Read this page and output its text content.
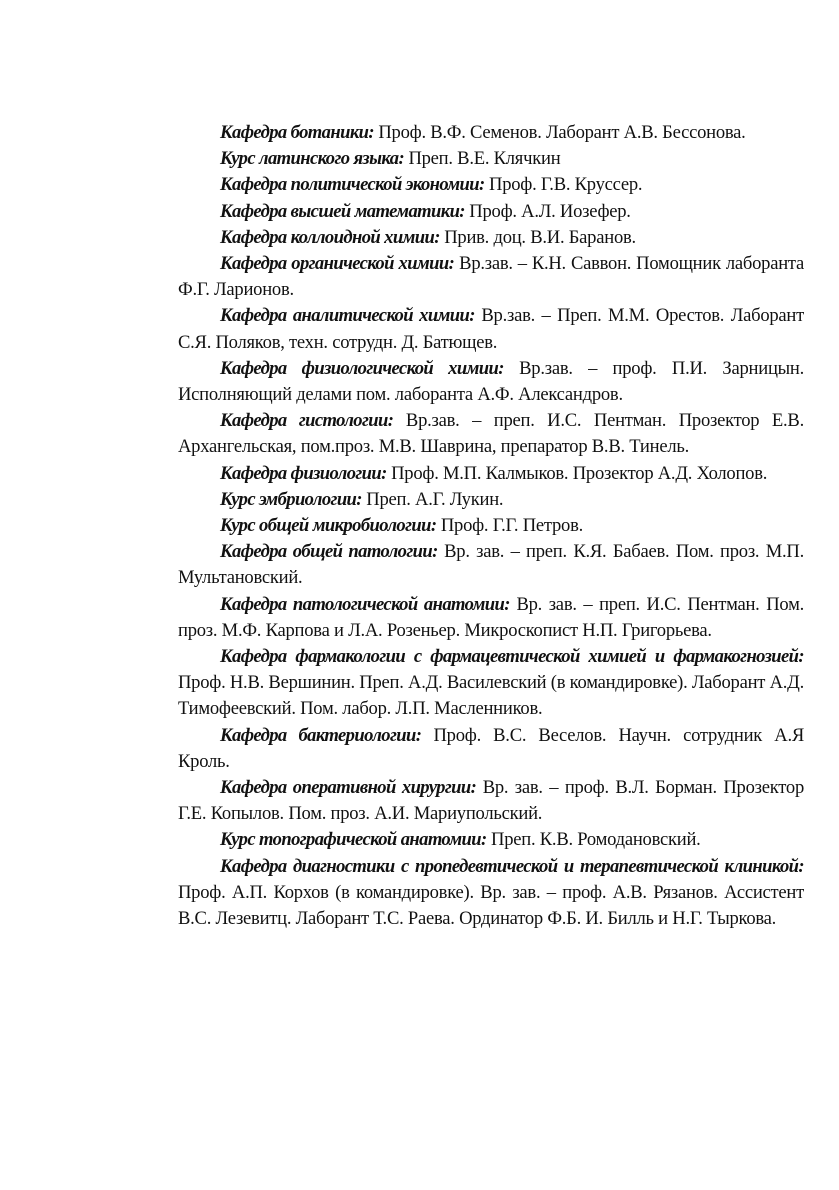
Кафедра ботаники: Проф. В.Ф. Семенов. Лаборант А.В. Бессонова.

Курс латинского языка: Преп. В.Е. Клячкин

Кафедра политической экономии: Проф. Г.В. Круссер.

Кафедра высшей математики: Проф. А.Л. Иозефер.

Кафедра коллоидной химии: Прив. доц. В.И. Баранов.

Кафедра органической химии: Вр.зав. – К.Н. Саввон. Помощник лаборанта Ф.Г. Ларионов.

Кафедра аналитической химии: Вр.зав. – Преп. М.М. Орестов. Лаборант С.Я. Поляков, техн. сотрудн. Д. Батющев.

Кафедра физиологической химии: Вр.зав. – проф. П.И. Зарницын. Исполняющий делами пом. лаборанта А.Ф. Александров.

Кафедра гистологии: Вр.зав. – преп. И.С. Пентман. Прозектор Е.В. Архангельская, пом.проз. М.В. Шаврина, препаратор В.В. Тинель.

Кафедра физиологии: Проф. М.П. Калмыков. Прозектор А.Д. Холопов.

Курс эмбриологии: Преп. А.Г. Лукин.

Курс общей микробиологии: Проф. Г.Г. Петров.

Кафедра общей патологии: Вр. зав. – преп. К.Я. Бабаев. Пом. проз. М.П. Мультановский.

Кафедра патологической анатомии: Вр. зав. – преп. И.С. Пентман. Пом. проз. М.Ф. Карпова и Л.А. Розеньер. Микроскопист Н.П. Григорьева.

Кафедра фармакологии с фармацевтической химией и фармакогнозией: Проф. Н.В. Вершинин. Преп. А.Д. Василевский (в командировке). Лаборант А.Д. Тимофеевский. Пом. лабор. Л.П. Масленников.

Кафедра бактериологии: Проф. В.С. Веселов. Научн. сотрудник А.Я Кроль.

Кафедра оперативной хирургии: Вр. зав. – проф. В.Л. Борман. Прозектор Г.Е. Копылов. Пом. проз. А.И. Мариупольский.

Курс топографической анатомии: Преп. К.В. Ромодановский.

Кафедра диагностики с пропедевтической и терапевтической клиникой: Проф. А.П. Корхов (в командировке). Вр. зав. – проф. А.В. Рязанов. Ассистент В.С. Лезевитц. Лаборант Т.С. Раева. Ординатор Ф.Б. И. Билль и Н.Г. Тыркова.
